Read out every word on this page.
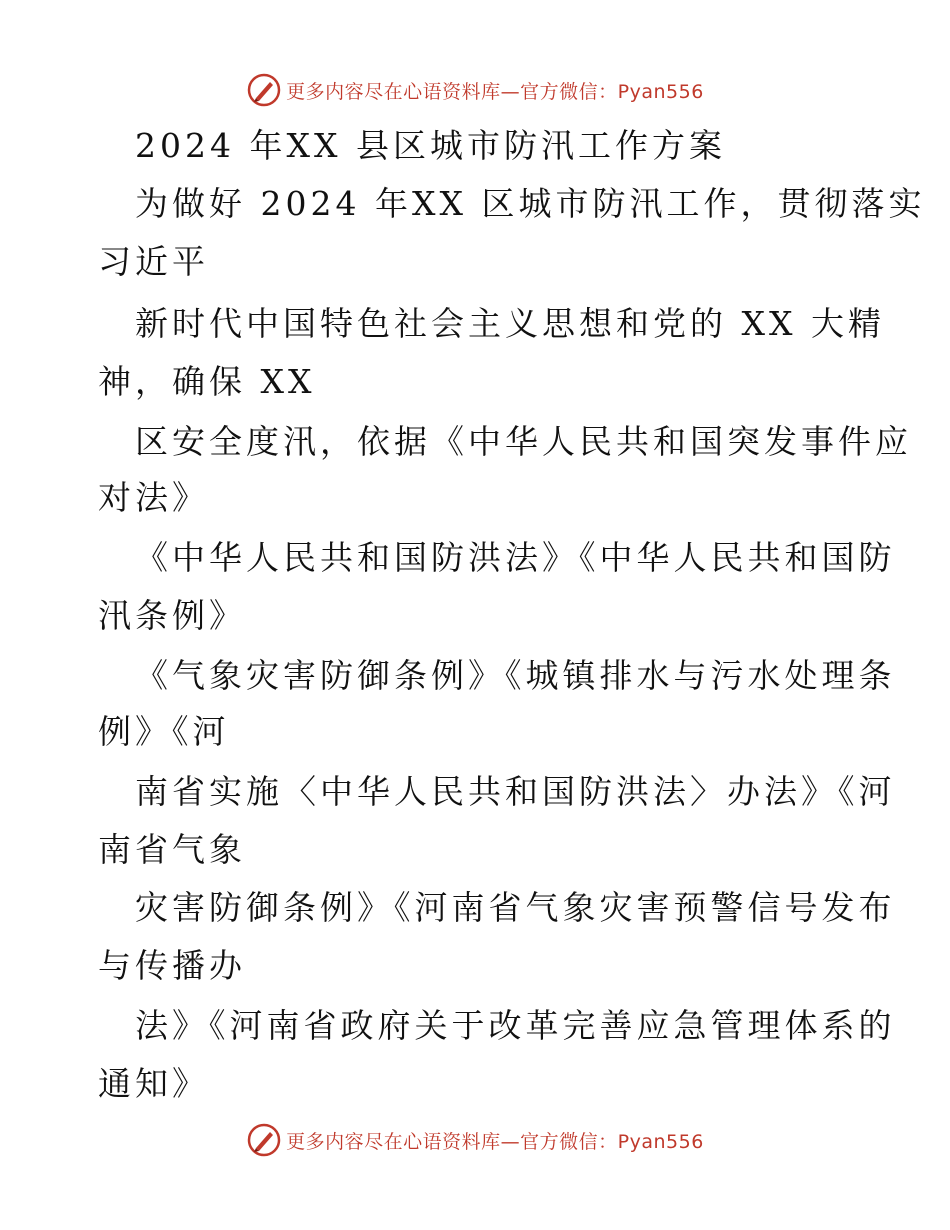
更多内容尽在心语资料库—官方微信：Pyan556
2024 年XX 县区城市防汛工作方案
为做好 2024 年XX 区城市防汛工作，贯彻落实
习近平
新时代中国特色社会主义思想和党的 XX 大精
神，确保 XX
区安全度汛，依据《中华人民共和国突发事件应
对法》
《中华人民共和国防洪法》《中华人民共和国防
汛条例》
《气象灾害防御条例》《城镇排水与污水处理条
例》《河
南省实施〈中华人民共和国防洪法〉办法》《河
南省气象
灾害防御条例》《河南省气象灾害预警信号发布
与传播办
法》《河南省政府关于改革完善应急管理体系的
通知》
更多内容尽在心语资料库—官方微信：Pyan556
